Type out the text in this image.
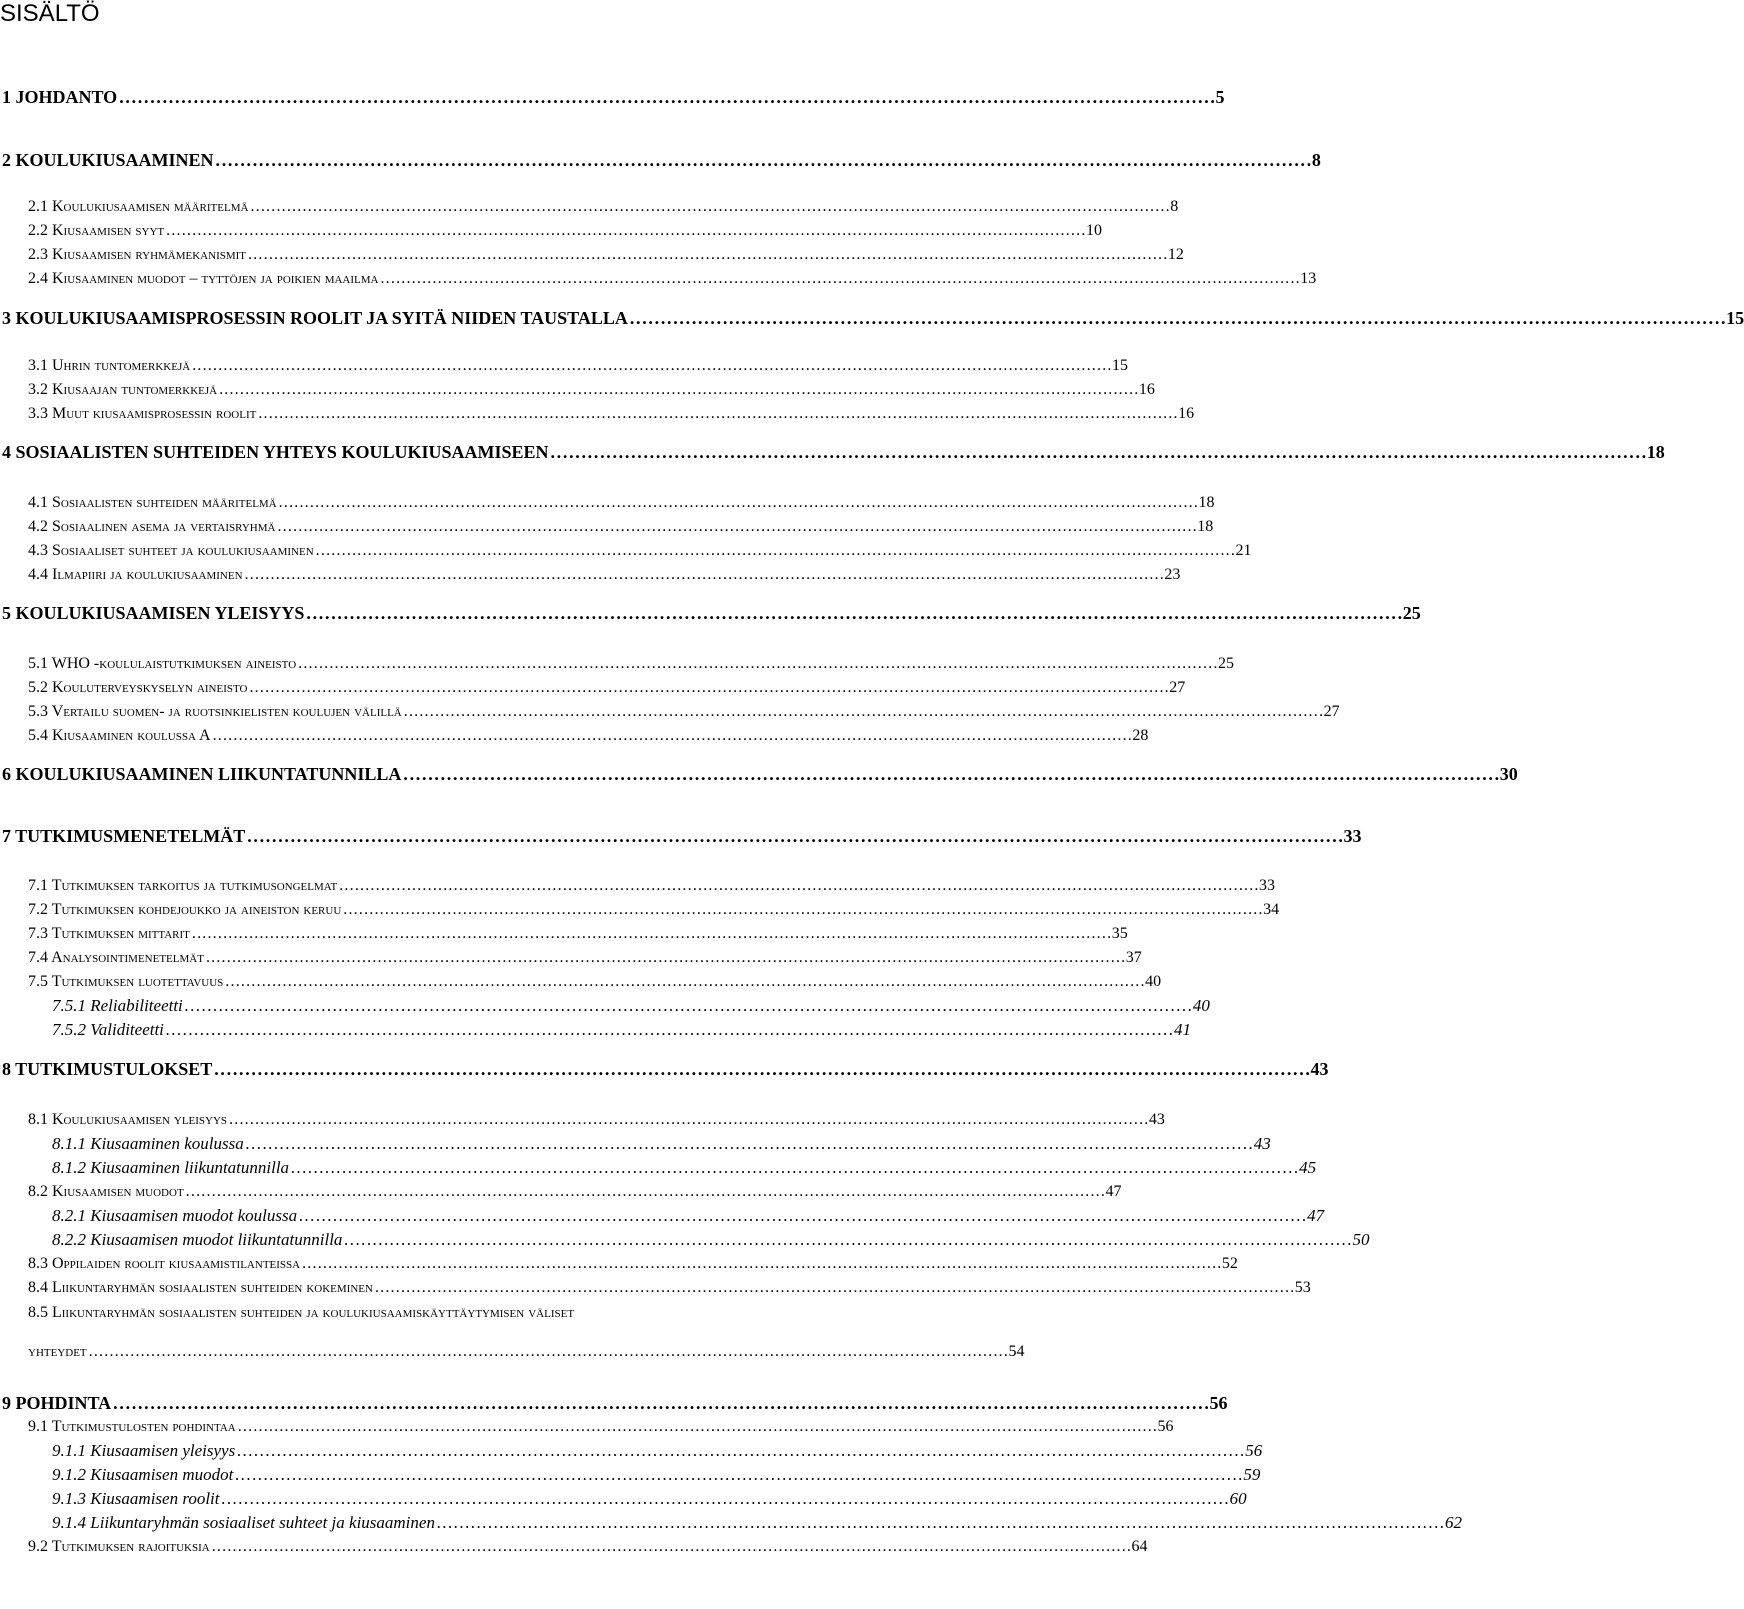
SISÄLTÖ
1 JOHDANTO . . .	5
2 KOULUKIUSAAMINEN . . .	8
2.1 Koulukiusaamisen määritelmä . . .	8
2.2 Kiusaamisen syyt . . .	10
2.3 Kiusaamisen ryhmämekanismit . . .	12
2.4 Kiusaaminen muodot – tyttöjen ja poikien maailma . . .	13
3 KOULUKIUSAAMISPROSESSIN ROOLIT JA SYITÄ NIIDEN TAUSTALLA . . .	15
3.1 Uhrin tuntomerkkejä . . .	15
3.2 Kiusaajan tuntomerkkejä . . .	16
3.3 Muut kiusaamisprosessin roolit . . .	16
4 SOSIAALISTEN SUHTEIDEN YHTEYS KOULUKIUSAAMISEEN . . .	18
4.1 Sosiaalisten suhteiden määritelmä . . .	18
4.2 Sosiaalinen asema ja vertaisryhmä . . .	18
4.3 Sosiaaliset suhteet ja koulukiusaaminen . . .	21
4.4 Ilmapiiri ja koulukiusaaminen . . .	23
5 KOULUKIUSAAMISEN YLEISYYS . . .	25
5.1 WHO -koululaistutkimuksen aineisto . . .	25
5.2 Kouluterveyskyselyn aineisto . . .	27
5.3 Vertailu suomen- ja ruotsinkielisten koulujen välillä . . .	27
5.4 Kiusaaminen koulussa A . . .	28
6 KOULUKIUSAAMINEN LIIKUNTATUNNILLA . . .	30
7 TUTKIMUSMENETELMÄT . . .	33
7.1 Tutkimuksen tarkoitus ja tutkimusongelmat . . .	33
7.2 Tutkimuksen kohdejoukko ja aineiston keruu . . .	34
7.3 Tutkimuksen mittarit . . .	35
7.4 Analysointimenetelmät . . .	37
7.5 Tutkimuksen luotettavuus . . .	40
7.5.1 Reliabiliteetti . . .	40
7.5.2 Validiteetti . . .	41
8 TUTKIMUSTULOKSET . . .	43
8.1 Koulukiusaamisen yleisyys . . .	43
8.1.1 Kiusaaminen koulussa . . .	43
8.1.2 Kiusaaminen liikuntatunnilla . . .	45
8.2 Kiusaamisen muodot . . .	47
8.2.1 Kiusaamisen muodot koulussa . . .	47
8.2.2 Kiusaamisen muodot liikuntatunnilla . . .	50
8.3 Oppilaiden roolit kiusaamistilanteissa . . .	52
8.4 Liikuntaryhmän sosiaalisten suhteiden kokeminen . . .	53
8.5 Liikuntaryhmän sosiaalisten suhteiden ja koulukiusaamiskäyttäytymisen väliset
yhteydet . . .	54
9 POHDINTA . . .	56
9.1 Tutkimustulosten pohdintaa . . .	56
9.1.1 Kiusaamisen yleisyys . . .	56
9.1.2 Kiusaamisen muodot . . .	59
9.1.3 Kiusaamisen roolit . . .	60
9.1.4 Liikuntaryhmän sosiaaliset suhteet ja kiusaaminen . . .	62
9.2 Tutkimuksen rajoituksia . . .	64
